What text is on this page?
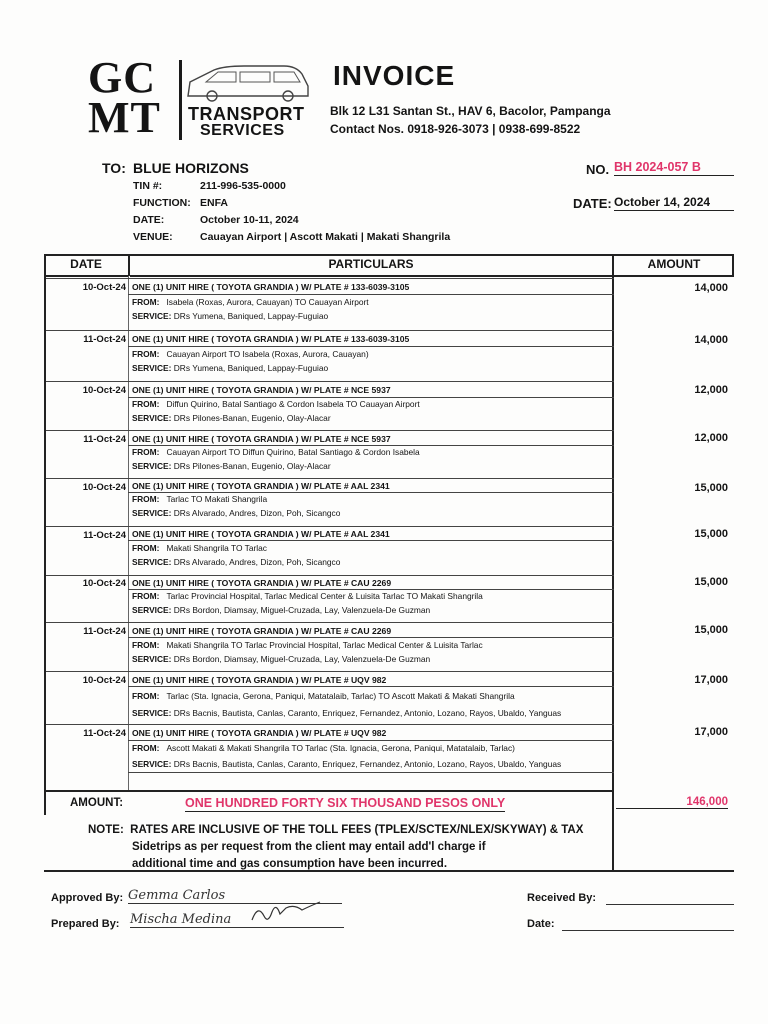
GC
MT TRANSPORT
SERVICES
INVOICE
Blk 12 L31 Santan St., HAV 6, Bacolor, Pampanga
Contact Nos. 0918-926-3073 | 0938-699-8522
TO: BLUE HORIZONS
TIN #:	211-996-535-0000
FUNCTION: ENFA
DATE:	October 10-11, 2024
VENUE:	Cauayan Airport | Ascott Makati | Makati Shangrila
NO. BH 2024-057 B
DATE: October 14, 2024
DATE	PARTICULARS	AMOUNT
10-Oct-24 ONE (1) UNIT HIRE ( TOYOTA GRANDIA ) W/ PLATE # 133-6039-3105
FROM: Isabela (Roxas, Aurora, Cauayan) TO Cauayan Airport
SERVICE: DRs Yumena, Baniqued, Lappay-Fuguiao
14,000
11-Oct-24 ONE (1) UNIT HIRE ( TOYOTA GRANDIA ) W/ PLATE # 133-6039-3105
FROM: Cauayan Airport TO Isabela (Roxas, Aurora, Cauayan)
SERVICE: DRs Yumena, Baniqued, Lappay-Fuguiao
14,000
10-Oct-24 ONE (1) UNIT HIRE ( TOYOTA GRANDIA ) W/ PLATE # NCE 5937
FROM: Diffun Quirino, Batal Santiago & Cordon Isabela TO Cauayan Airport
SERVICE: DRs Pilones-Banan, Eugenio, Olay-Alacar
12,000
11-Oct-24 ONE (1) UNIT HIRE ( TOYOTA GRANDIA ) W/ PLATE # NCE 5937
FROM: Cauayan Airport TO Diffun Quirino, Batal Santiago & Cordon Isabela
SERVICE: DRs Pilones-Banan, Eugenio, Olay-Alacar
12,000
10-Oct-24 ONE (1) UNIT HIRE ( TOYOTA GRANDIA ) W/ PLATE # AAL 2341
FROM: Tarlac TO Makati Shangrila
SERVICE: DRs Alvarado, Andres, Dizon, Poh, Sicangco
15,000
11-Oct-24 ONE (1) UNIT HIRE ( TOYOTA GRANDIA ) W/ PLATE # AAL 2341
FROM: Makati Shangrila TO Tarlac
SERVICE: DRs Alvarado, Andres, Dizon, Poh, Sicangco
15,000
10-Oct-24 ONE (1) UNIT HIRE ( TOYOTA GRANDIA ) W/ PLATE # CAU 2269
FROM: Tarlac Provincial Hospital, Tarlac Medical Center & Luisita Tarlac TO Makati Shangrila
SERVICE: DRs Bordon, Diamsay, Miguel-Cruzada, Lay, Valenzuela-De Guzman
15,000
11-Oct-24 ONE (1) UNIT HIRE ( TOYOTA GRANDIA ) W/ PLATE # CAU 2269
FROM: Makati Shangrila TO Tarlac Provincial Hospital, Tarlac Medical Center & Luisita Tarlac
SERVICE: DRs Bordon, Diamsay, Miguel-Cruzada, Lay, Valenzuela-De Guzman
15,000
10-Oct-24 ONE (1) UNIT HIRE ( TOYOTA GRANDIA ) W/ PLATE # UQV 982
FROM: Tarlac (Sta. Ignacia, Gerona, Paniqui, Matatalaib, Tarlac) TO Ascott Makati & Makati Shangrila
SERVICE: DRs Bacnis, Bautista, Canlas, Caranto, Enriquez, Fernandez, Antonio, Lozano, Rayos, Ubaldo, Yanguas
17,000
11-Oct-24 ONE (1) UNIT HIRE ( TOYOTA GRANDIA ) W/ PLATE # UQV 982
FROM: Ascott Makati & Makati Shangrila TO Tarlac (Sta. Ignacia, Gerona, Paniqui, Matatalaib, Tarlac)
SERVICE: DRs Bacnis, Bautista, Canlas, Caranto, Enriquez, Fernandez, Antonio, Lozano, Rayos, Ubaldo, Yanguas
17,000
AMOUNT:	ONE HUNDRED FORTY SIX THOUSAND PESOS ONLY	146,000
NOTE: RATES ARE INCLUSIVE OF THE TOLL FEES (TPLEX/SCTEX/NLEX/SKYWAY) & TAX
Sidetrips as per request from the client may entail add'l charge if
additional time and gas consumption have been incurred.
Approved By: Gemma Carlos
Prepared By: Mischa Medina
Received By:
Date:
